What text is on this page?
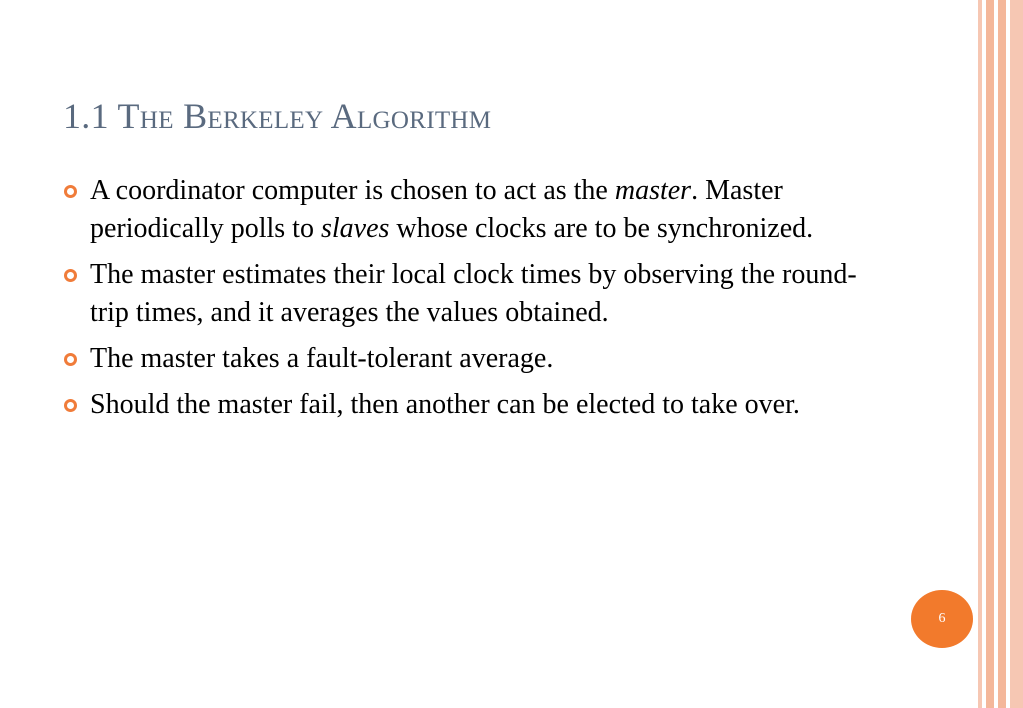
1.1 The Berkeley Algorithm
A coordinator computer is chosen to act as the master. Master periodically polls to slaves whose clocks are to be synchronized.
The master estimates their local clock times by observing the round-trip times, and it averages the values obtained.
The master takes a fault-tolerant average.
Should the master fail, then another can be elected to take over.
6
